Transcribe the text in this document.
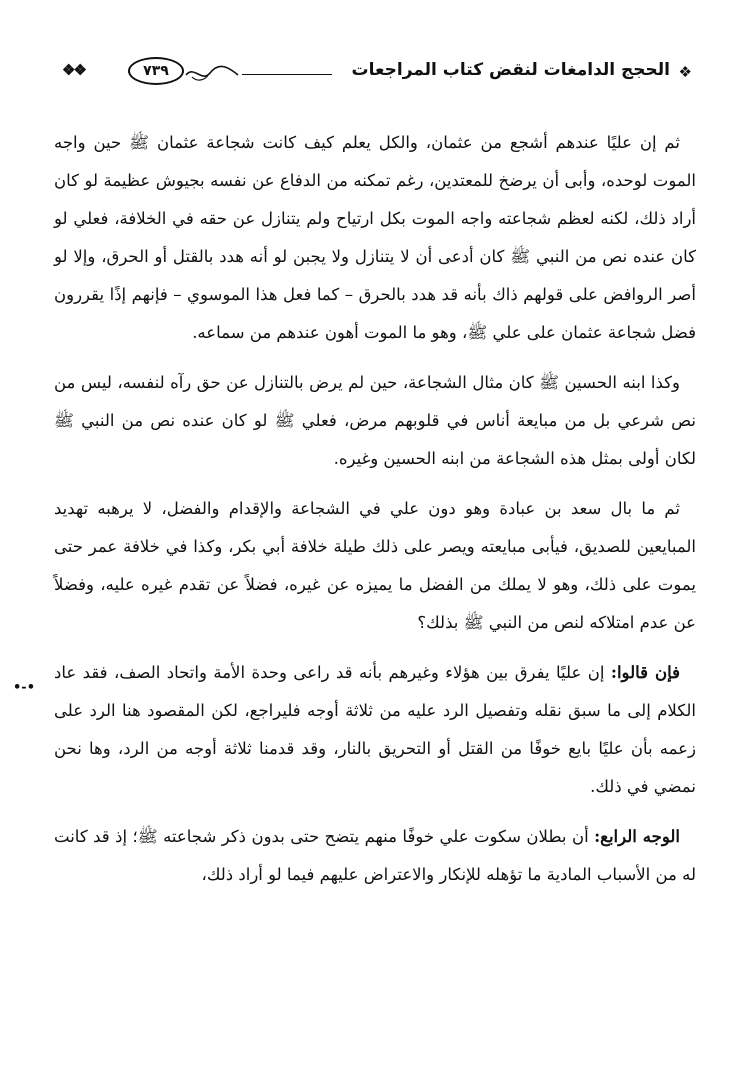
❖
الحجج الدامغات لنقض كتاب المراجعات
٧٣٩
❖❖
•-•

ثم إن عليًا عندهم أشجع من عثمان، والكل يعلم كيف كانت شجاعة عثمان ﷺ حين واجه الموت لوحده، وأبى أن يرضخ للمعتدين، رغم تمكنه من الدفاع عن نفسه بجيوش عظيمة لو كان أراد ذلك، لكنه لعظم شجاعته واجه الموت بكل ارتياح ولم يتنازل عن حقه في الخلافة، فعلي لو كان عنده نص من النبي ﷺ كان أدعى أن لا يتنازل ولا يجبن لو أنه هدد بالقتل أو الحرق، وإلا لو أصر الروافض على قولهم ذاك بأنه قد هدد بالحرق – كما فعل هذا الموسوي – فإنهم إذًا يقررون فضل شجاعة عثمان على علي ﷺ، وهو ما الموت أهون عندهم من سماعه.

وكذا ابنه الحسين ﷺ كان مثال الشجاعة، حين لم يرض بالتنازل عن حق رآه لنفسه، ليس من نص شرعي بل من مبايعة أناس في قلوبهم مرض، فعلي ﷺ لو كان عنده نص من النبي ﷺ لكان أولى بمثل هذه الشجاعة من ابنه الحسين وغيره.

ثم ما بال سعد بن عبادة وهو دون علي في الشجاعة والإقدام والفضل، لا يرهبه تهديد المبايعين للصديق، فيأبى مبايعته ويصر على ذلك طيلة خلافة أبي بكر، وكذا في خلافة عمر حتى يموت على ذلك، وهو لا يملك من الفضل ما يميزه عن غيره، فضلاً عن تقدم غيره عليه، وفضلاً عن عدم امتلاكه لنص من النبي ﷺ بذلك؟

فإن قالوا: إن عليًا يفرق بين هؤلاء وغيرهم بأنه قد راعى وحدة الأمة واتحاد الصف، فقد عاد الكلام إلى ما سبق نقله وتفصيل الرد عليه من ثلاثة أوجه فليراجع، لكن المقصود هنا الرد على زعمه بأن عليًا بايع خوفًا من القتل أو التحريق بالنار، وقد قدمنا ثلاثة أوجه من الرد، وها نحن نمضي في ذلك.

الوجه الرابع: أن بطلان سكوت علي خوفًا منهم يتضح حتى بدون ذكر شجاعته ﷺ؛ إذ قد كانت له من الأسباب المادية ما تؤهله للإنكار والاعتراض عليهم فيما لو أراد ذلك،
